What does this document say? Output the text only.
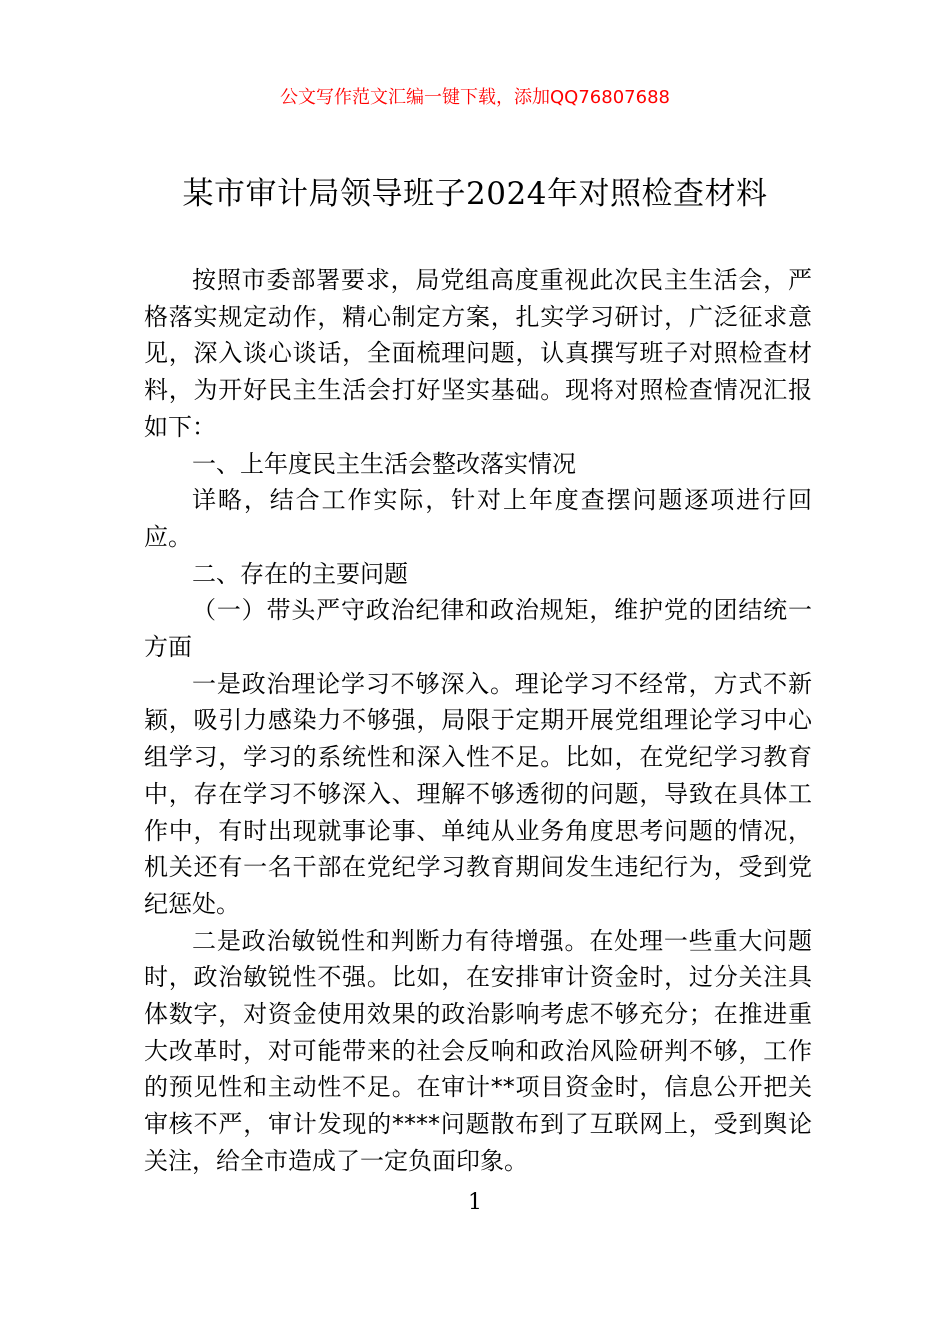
公文写作范文汇编一键下载，添加QQ76807688
某市审计局领导班子2024年对照检查材料

按照市委部署要求，局党组高度重视此次民主生活会，严格落实规定动作，精心制定方案，扎实学习研讨，广泛征求意见，深入谈心谈话，全面梳理问题，认真撰写班子对照检查材料，为开好民主生活会打好坚实基础。现将对照检查情况汇报如下：

一、上年度民主生活会整改落实情况

详略，结合工作实际，针对上年度查摆问题逐项进行回应。

二、存在的主要问题

（一）带头严守政治纪律和政治规矩，维护党的团结统一方面

一是政治理论学习不够深入。理论学习不经常，方式不新颖，吸引力感染力不够强，局限于定期开展党组理论学习中心组学习，学习的系统性和深入性不足。比如，在党纪学习教育中，存在学习不够深入、理解不够透彻的问题，导致在具体工作中，有时出现就事论事、单纯从业务角度思考问题的情况，机关还有一名干部在党纪学习教育期间发生违纪行为，受到党纪惩处。

二是政治敏锐性和判断力有待增强。在处理一些重大问题时，政治敏锐性不强。比如，在安排审计资金时，过分关注具体数字，对资金使用效果的政治影响考虑不够充分；在推进重大改革时，对可能带来的社会反响和政治风险研判不够，工作的预见性和主动性不足。在审计**项目资金时，信息公开把关审核不严，审计发现的****问题散布到了互联网上，受到舆论关注，给全市造成了一定负面印象。

1
